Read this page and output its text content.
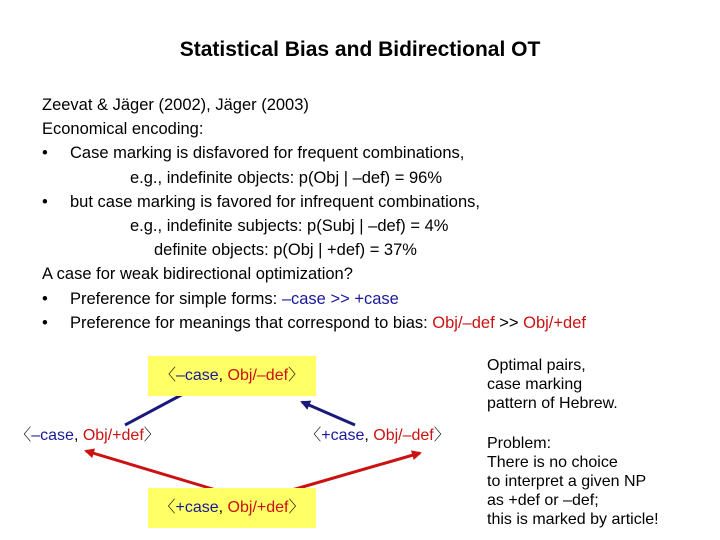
Statistical Bias and Bidirectional OT
Zeevat & Jäger (2002), Jäger (2003)
Economical encoding:
• Case marking is disfavored for frequent combinations,
e.g., indefinite objects: p(Obj | –def) = 96%
• but case marking is favored for infrequent combinations,
e.g., indefinite subjects: p(Subj | –def) = 4%
definite objects: p(Obj | +def) = 37%
A case for weak bidirectional optimization?
• Preference for simple forms: –case >> +case
• Preference for meanings that correspond to bias: Obj/–def >> Obj/+def
〈–case, Obj/–def〉
〈–case, Obj/+def〉	〈+case, Obj/–def〉
〈+case, Obj/+def〉
Optimal pairs,
case marking
pattern of Hebrew.
Problem:
There is no choice
to interpret a given NP
as +def or –def;
this is marked by article!
